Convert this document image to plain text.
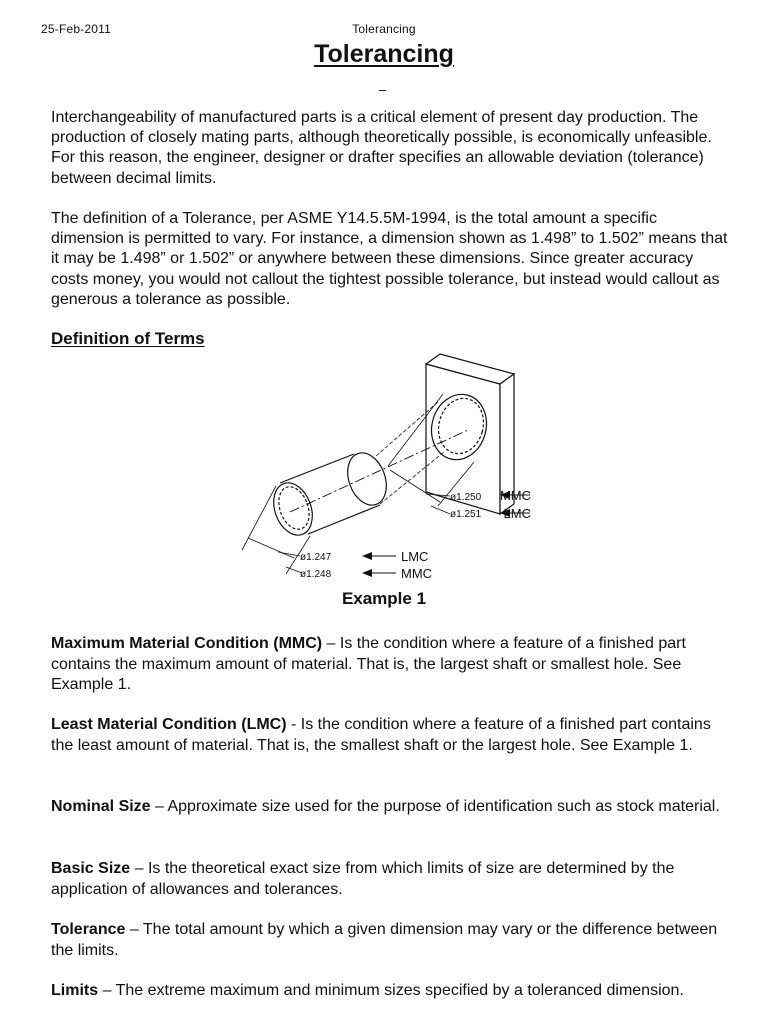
25-Feb-2011	Tolerancing
Tolerancing

Interchangeability of manufactured parts is a critical element of present day production. The production of closely mating parts, although theoretically possible, is economically unfeasible. For this reason, the engineer, designer or drafter specifies an allowable deviation (tolerance) between decimal limits.

The definition of a Tolerance, per ASME Y14.5.5M-1994, is the total amount a specific dimension is permitted to vary. For instance, a dimension shown as 1.498” to 1.502” means that it may be 1.498” or 1.502” or anywhere between these dimensions. Since greater accuracy costs money, you would not callout the tightest possible tolerance, but instead would callout as generous a tolerance as possible.

Definition of Terms
ø1.250
ø1.251
MMC
LMC
ø1.247
ø1.248
LMC
MMC
Example 1

Maximum Material Condition (MMC) – Is the condition where a feature of a finished part contains the maximum amount of material. That is, the largest shaft or smallest hole. See Example 1.

Least Material Condition (LMC) - Is the condition where a feature of a finished part contains the least amount of material. That is, the smallest shaft or the largest hole. See Example 1.

Nominal Size – Approximate size used for the purpose of identification such as stock material.

Basic Size – Is the theoretical exact size from which limits of size are determined by the application of allowances and tolerances.

Tolerance – The total amount by which a given dimension may vary or the difference between the limits.

Limits – The extreme maximum and minimum sizes specified by a toleranced dimension.
